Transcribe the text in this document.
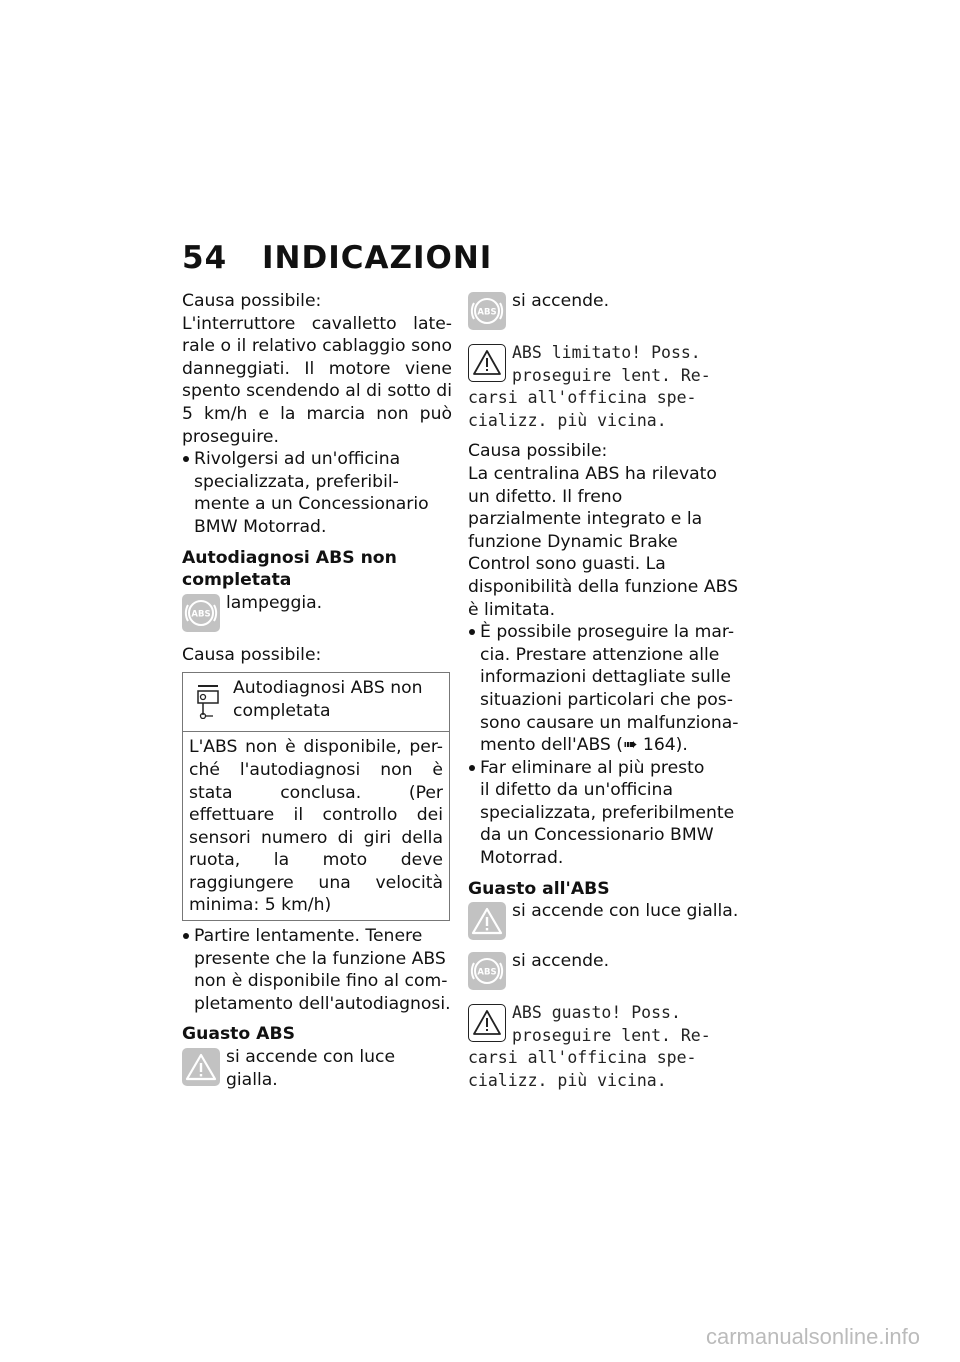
54 INDICAZIONI

Causa possibile:

L'interruttore cavalletto late-rale o il relativo cablaggio sono danneggiati. Il motore viene spento scendendo al di sotto di 5 km/h e la marcia non può proseguire.

Rivolgersi ad un'officina

specializzata, preferibil-mente a un Concessionario BMW Motorrad.

Autodiagnosi ABS non

completata

ABS

lampeggia.

Causa possibile:

Autodiagnosi ABS non completata

L'ABS non è disponibile, per-ché l'autodiagnosi non è stata conclusa. (Per effettuare il controllo dei sensori numero di giri della ruota, la moto deve raggiungere una velocità minima: 5 km/h)

Partire lentamente. Tenere

presente che la funzione ABS non è disponibile fino al com-pletamento dell'autodiagnosi.

Guasto ABS

si accende con luce gialla.

ABS

si accende.

ABS limitato! Poss.

proseguire lent. Re-

carsi all'officina spe-

cializz. più vicina.

Causa possibile:

La centralina ABS ha rilevato un difetto. Il freno parzialmente integrato e la funzione Dynamic Brake Control sono guasti. La disponibilità della funzione ABS è limitata.

È possibile proseguire la mar-

cia. Prestare attenzione alle informazioni dettagliate sulle situazioni particolari che pos-sono causare un malfunziona-mento dell'ABS (➠ 164).

Far eliminare al più presto

il difetto da un'officina specializzata, preferibilmente da un Concessionario BMW Motorrad.

Guasto all'ABS

si accende con luce gialla.

ABS

si accende.

ABS guasto! Poss.

proseguire lent. Re-

carsi all'officina spe-

cializz. più vicina.

carmanualsonline.info
